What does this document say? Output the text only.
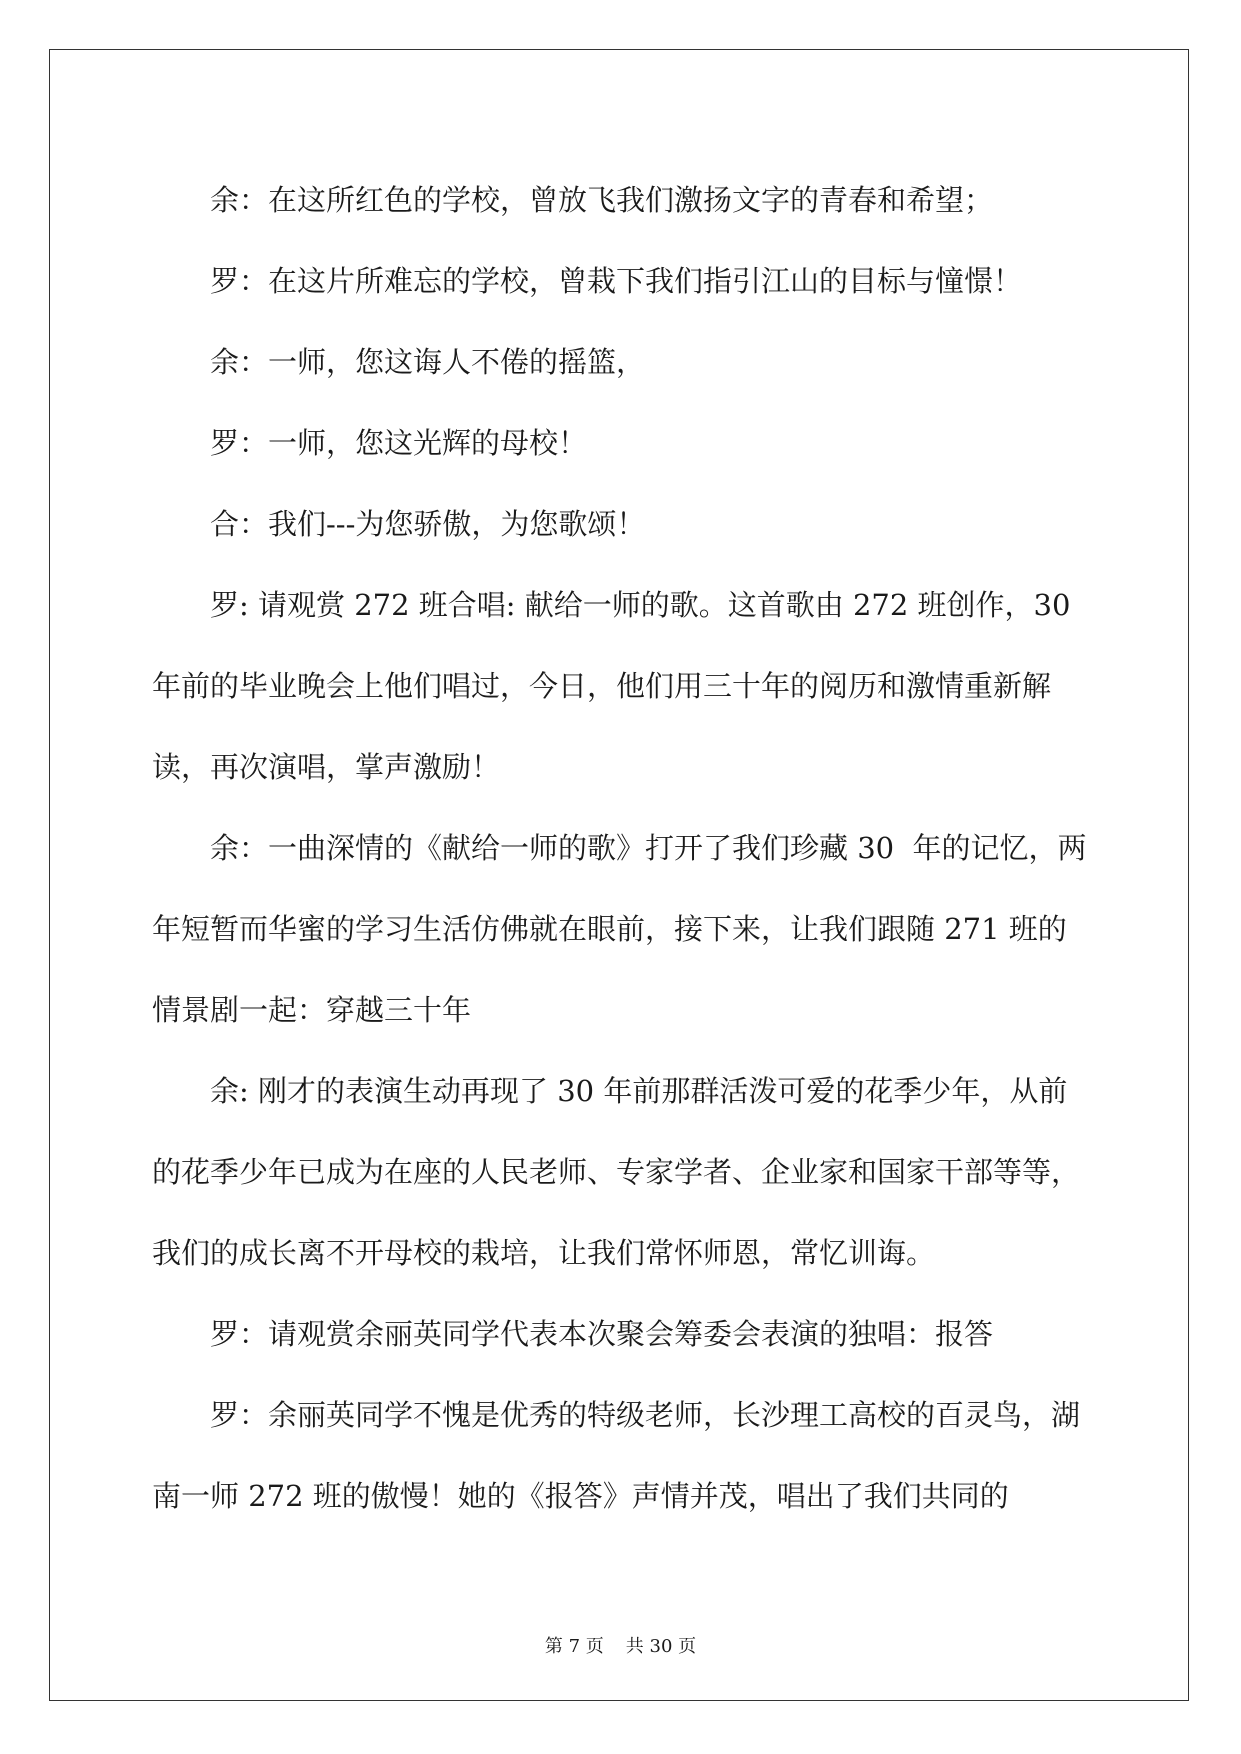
余：在这所红色的学校，曾放飞我们激扬文字的青春和希望；

罗：在这片所难忘的学校，曾栽下我们指引江山的目标与憧憬！

余：一师，您这诲人不倦的摇篮，

罗：一师，您这光辉的母校！

合：我们---为您骄傲，为您歌颂！

罗: 请观赏 272 班合唱: 献给一师的歌。这首歌由 272 班创作，30 年前的毕业晚会上他们唱过，今日，他们用三十年的阅历和激情重新解读，再次演唱，掌声激励！

余：一曲深情的《献给一师的歌》打开了我们珍藏 30  年的记忆，两年短暂而华蜜的学习生活仿佛就在眼前，接下来，让我们跟随 271 班的情景剧一起：穿越三十年

余: 刚才的表演生动再现了 30 年前那群活泼可爱的花季少年，从前的花季少年已成为在座的人民老师、专家学者、企业家和国家干部等等，我们的成长离不开母校的栽培，让我们常怀师恩，常忆训诲。

罗：请观赏余丽英同学代表本次聚会筹委会表演的独唱：报答

罗：余丽英同学不愧是优秀的特级老师，长沙理工高校的百灵鸟，湖南一师 272 班的傲慢！她的《报答》声情并茂，唱出了我们共同的

第 7 页 共 30 页
